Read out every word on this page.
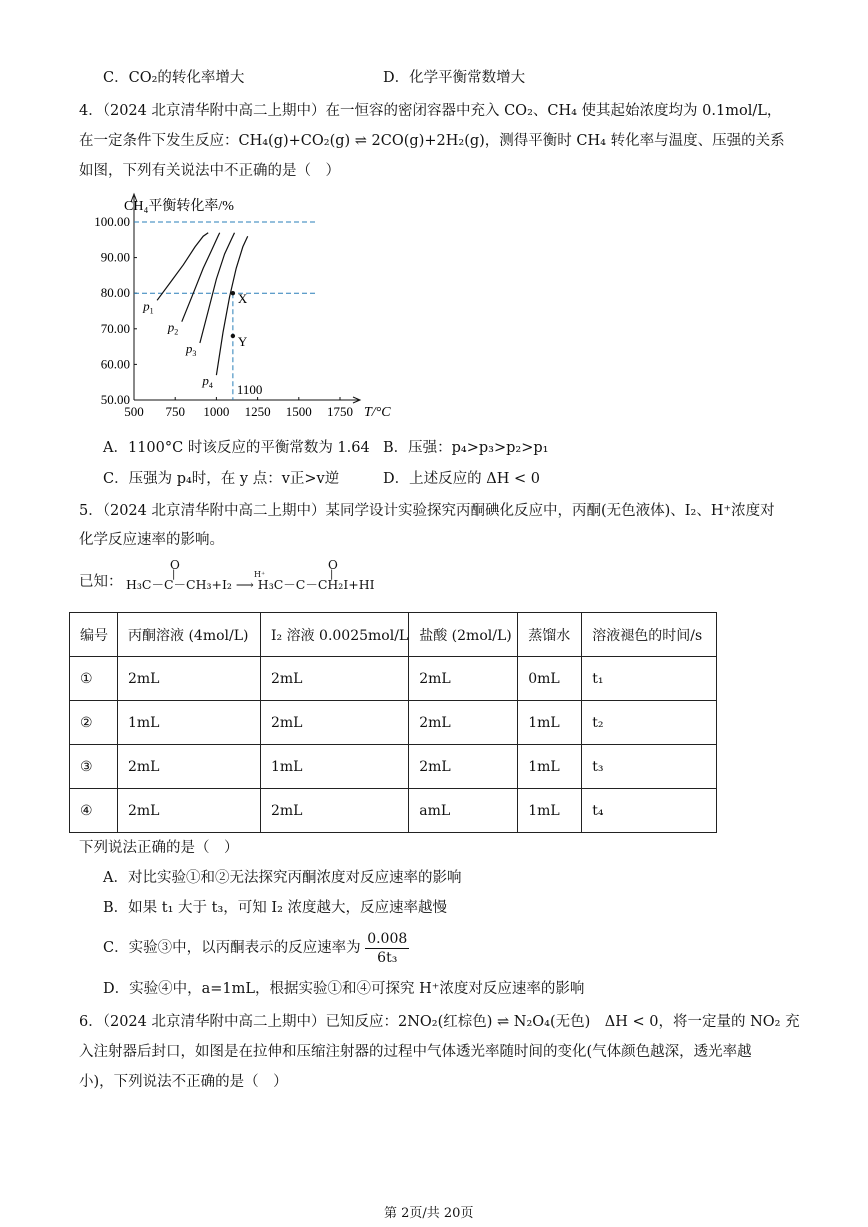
C．CO₂的转化率增大	D．化学平衡常数增大
4．（2024 北京清华附中高二上期中）在一恒容的密闭容器中充入 CO₂、CH₄ 使其起始浓度均为 0.1mol/L，
在一定条件下发生反应：CH₄(g)+CO₂(g) ⇌ 2CO(g)+2H₂(g)，测得平衡时 CH₄ 转化率与温度、压强的关系
如图，下列有关说法中不正确的是（　）
500 750 1000 1250 1500 1750
50.00
60.00
70.00
80.00
90.00
100.00
$p_1$
$p_2$
$p_3$
$p_4$
X
Y
CH₄平衡转化率/%
T/°C
1100
A．1100°C 时该反应的平衡常数为 1.64 B．压强：p₄>p₃>p₂>p₁
C．压强为 p₄时，在 y 点：v正>v逆	D．上述反应的 ΔH < 0
5．（2024 北京清华附中高二上期中）某同学设计实验探究丙酮碘化反应中，丙酮(无色液体)、I₂、H⁺浓度对
化学反应速率的影响。
已知：
O	O
|	|
H⁺
H₃C－C－CH₃+I₂ ⟶ H₃C－C－CH₂I+HI
编号	丙酮溶液 (4mol/L)	I₂ 溶液 0.0025mol/L	盐酸 (2mol/L)	蒸馏水	溶液褪色的时间/s
①	2mL	2mL	2mL	0mL	t₁
②	1mL	2mL	2mL	1mL	t₂
③	2mL	1mL	2mL	1mL	t₃
④	2mL	2mL	amL	1mL	t₄
下列说法正确的是（　）
A．对比实验①和②无法探究丙酮浓度对反应速率的影响
B．如果 t₁ 大于 t₃，可知 I₂ 浓度越大，反应速率越慢
C．实验③中，以丙酮表示的反应速率为 $\frac{0.008}{\text{6t₃}}$
D．实验④中，a=1mL，根据实验①和④可探究 H⁺浓度对反应速率的影响
6．（2024 北京清华附中高二上期中）已知反应：2NO₂(红棕色) ⇌ N₂O₄(无色)　ΔH < 0，将一定量的 NO₂ 充
入注射器后封口，如图是在拉伸和压缩注射器的过程中气体透光率随时间的变化(气体颜色越深，透光率越
小)，下列说法不正确的是（　）
第 2页/共 20页
